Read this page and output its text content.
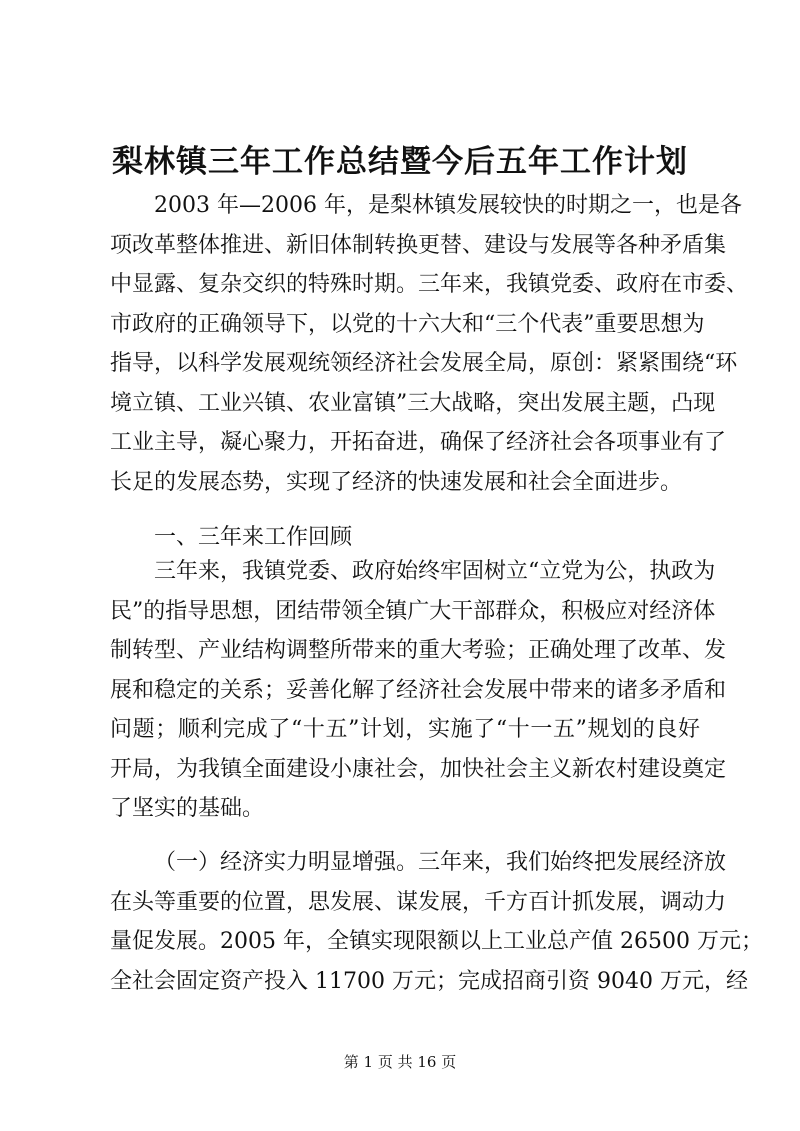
梨林镇三年工作总结暨今后五年工作计划
2003 年—2006 年，是梨林镇发展较快的时期之一，也是各
项改革整体推进、新旧体制转换更替、建设与发展等各种矛盾集
中显露、复杂交织的特殊时期。三年来，我镇党委、政府在市委、
市政府的正确领导下，以党的十六大和“三个代表”重要思想为
指导，以科学发展观统领经济社会发展全局，原创：紧紧围绕“环
境立镇、工业兴镇、农业富镇”三大战略，突出发展主题，凸现
工业主导，凝心聚力，开拓奋进，确保了经济社会各项事业有了
长足的发展态势，实现了经济的快速发展和社会全面进步。
一、三年来工作回顾
三年来，我镇党委、政府始终牢固树立“立党为公，执政为
民”的指导思想，团结带领全镇广大干部群众，积极应对经济体
制转型、产业结构调整所带来的重大考验；正确处理了改革、发
展和稳定的关系；妥善化解了经济社会发展中带来的诸多矛盾和
问题；顺利完成了“十五”计划，实施了“十一五”规划的良好
开局，为我镇全面建设小康社会，加快社会主义新农村建设奠定
了坚实的基础。
（一）经济实力明显增强。三年来，我们始终把发展经济放
在头等重要的位置，思发展、谋发展，千方百计抓发展，调动力
量促发展。2005 年，全镇实现限额以上工业总产值 26500 万元；
全社会固定资产投入 11700 万元；完成招商引资 9040 万元，经
第 1 页 共 16 页
